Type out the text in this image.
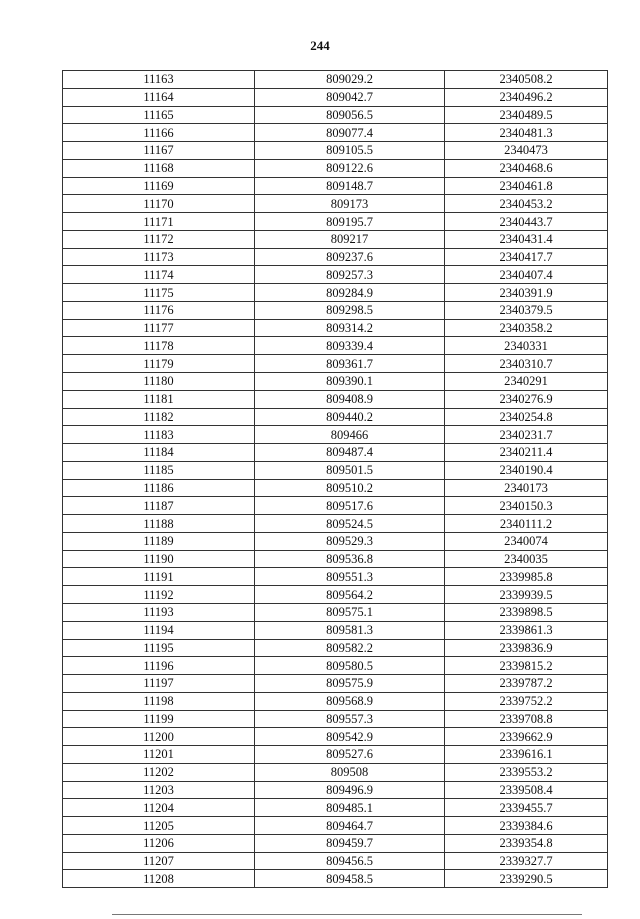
244
11163	809029.2	2340508.2
11164	809042.7	2340496.2
11165	809056.5	2340489.5
11166	809077.4	2340481.3
11167	809105.5	2340473
11168	809122.6	2340468.6
11169	809148.7	2340461.8
11170	809173	2340453.2
11171	809195.7	2340443.7
11172	809217	2340431.4
11173	809237.6	2340417.7
11174	809257.3	2340407.4
11175	809284.9	2340391.9
11176	809298.5	2340379.5
11177	809314.2	2340358.2
11178	809339.4	2340331
11179	809361.7	2340310.7
11180	809390.1	2340291
11181	809408.9	2340276.9
11182	809440.2	2340254.8
11183	809466	2340231.7
11184	809487.4	2340211.4
11185	809501.5	2340190.4
11186	809510.2	2340173
11187	809517.6	2340150.3
11188	809524.5	2340111.2
11189	809529.3	2340074
11190	809536.8	2340035
11191	809551.3	2339985.8
11192	809564.2	2339939.5
11193	809575.1	2339898.5
11194	809581.3	2339861.3
11195	809582.2	2339836.9
11196	809580.5	2339815.2
11197	809575.9	2339787.2
11198	809568.9	2339752.2
11199	809557.3	2339708.8
11200	809542.9	2339662.9
11201	809527.6	2339616.1
11202	809508	2339553.2
11203	809496.9	2339508.4
11204	809485.1	2339455.7
11205	809464.7	2339384.6
11206	809459.7	2339354.8
11207	809456.5	2339327.7
11208	809458.5	2339290.5
